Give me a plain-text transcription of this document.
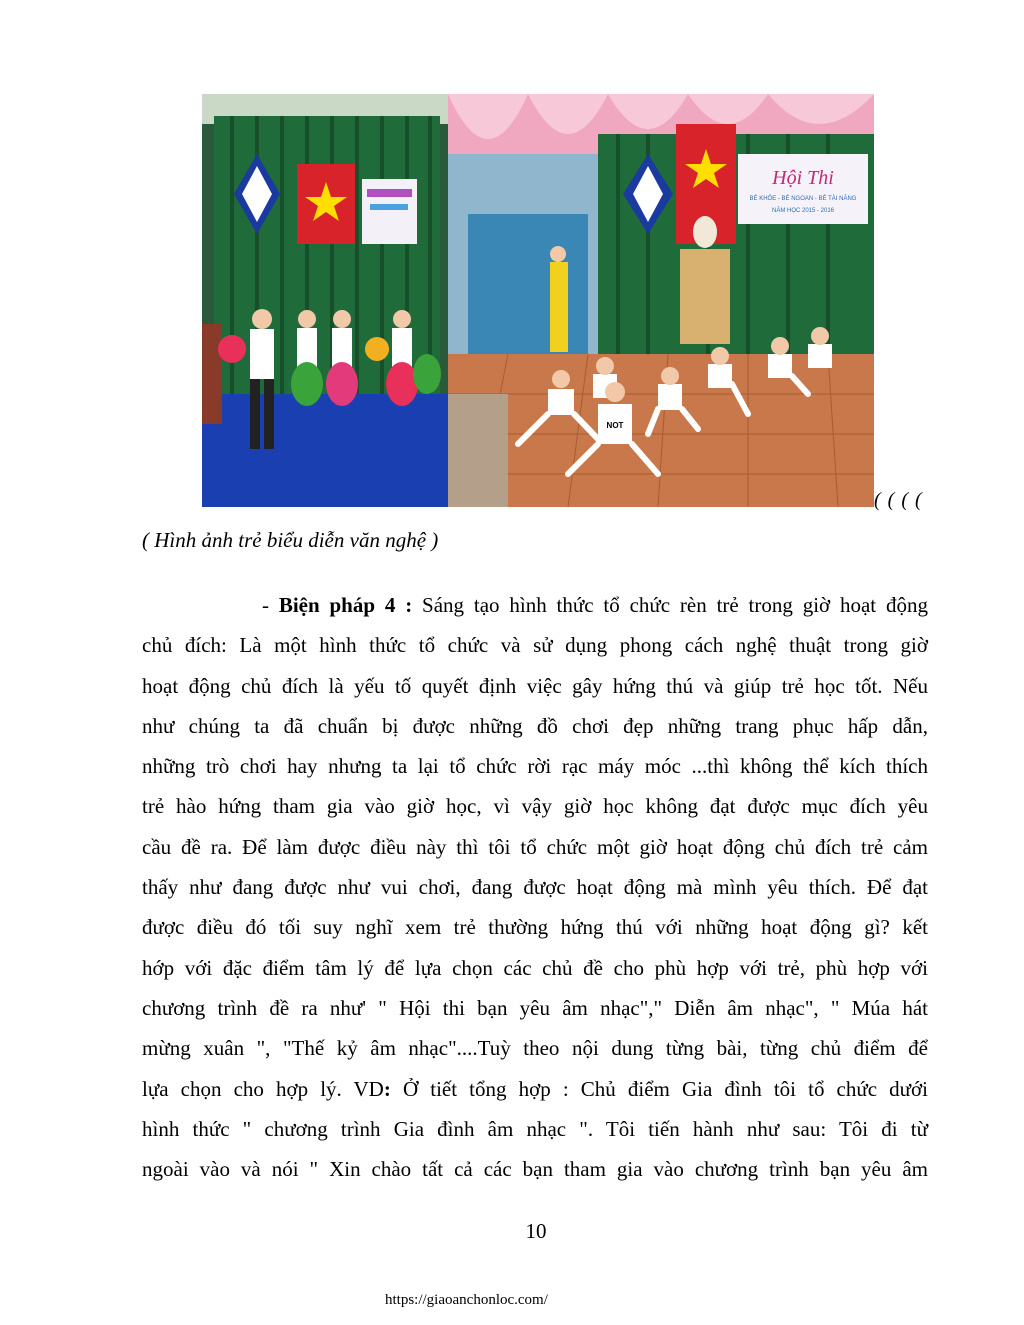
Hội Thi
BÉ KHỎE - BÉ NGOAN - BÉ TÀI NĂNG
NĂM HỌC 2015 - 2016
NOT
( ( ( (
( Hình ảnh trẻ biểu diễn văn nghệ )
- Biện pháp 4 : Sáng tạo hình thức tổ chức rèn trẻ trong giờ hoạt động
chủ đích: Là một hình thức tổ chức và sử dụng phong cách nghệ thuật trong giờ
hoạt động chủ đích là yếu tố quyết định việc gây hứng thú và giúp trẻ học tốt. Nếu
như chúng ta đã chuẩn bị được những đồ chơi đẹp những trang phục hấp dẫn,
những trò chơi hay nhưng ta lại tổ chức rời rạc máy móc ...thì không thể kích thích
trẻ hào hứng tham gia vào giờ học, vì vậy giờ học không đạt được mục đích yêu
cầu đề ra. Để làm được điều này thì tôi tổ chức một giờ hoạt động chủ đích trẻ cảm
thấy như đang được như vui chơi, đang được hoạt động mà mình yêu thích. Để đạt
được điều đó tối suy nghĩ xem trẻ thường hứng thú với những hoạt động gì? kết
hớp với đặc điểm tâm lý để lựa chọn các chủ đề cho phù hợp với trẻ, phù hợp với
chương trình đề ra như' " Hội thi bạn yêu âm nhạc"," Diễn âm nhạc", " Múa hát
mừng xuân ", "Thế kỷ âm nhạc"....Tuỳ theo nội dung từng bài, từng chủ điểm để
lựa chọn cho hợp lý. VD: Ở tiết tổng hợp : Chủ điểm Gia đình tôi tổ chức dưới
hình thức " chương trình Gia đình âm nhạc ". Tôi tiến hành như sau: Tôi đi từ
ngoài vào và nói " Xin chào tất cả các bạn tham gia vào chương trình bạn yêu âm
10
https://giaoanchonloc.com/
